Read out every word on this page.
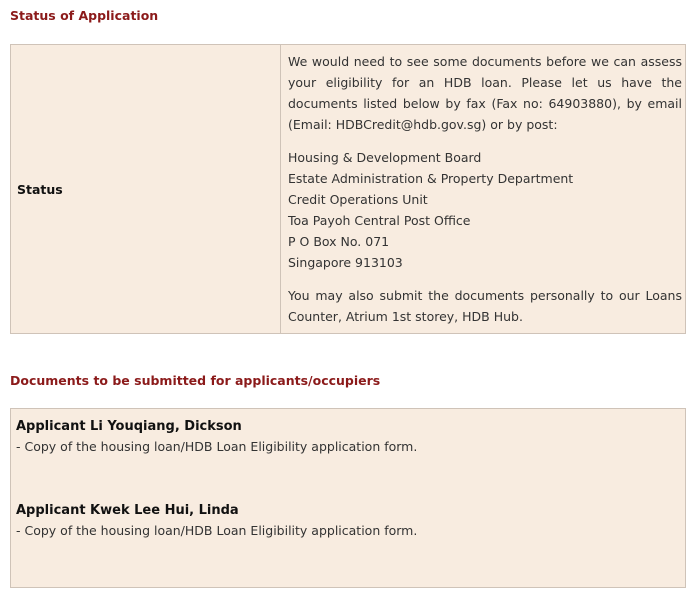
Status of Application
Status

We would need to see some documents before we can assess your eligibility for an HDB loan. Please let us have the documents listed below by fax (Fax no: 64903880), by email (Email: HDBCredit@hdb.gov.sg) or by post:

Housing & Development Board
Estate Administration & Property Department
Credit Operations Unit
Toa Payoh Central Post Office
P O Box No. 071
Singapore 913103

You may also submit the documents personally to our Loans Counter, Atrium 1st storey, HDB Hub.

Documents to be submitted for applicants/occupiers
Applicant Li Youqiang, Dickson
- Copy of the housing loan/HDB Loan Eligibility application form.
Applicant Kwek Lee Hui, Linda
- Copy of the housing loan/HDB Loan Eligibility application form.
